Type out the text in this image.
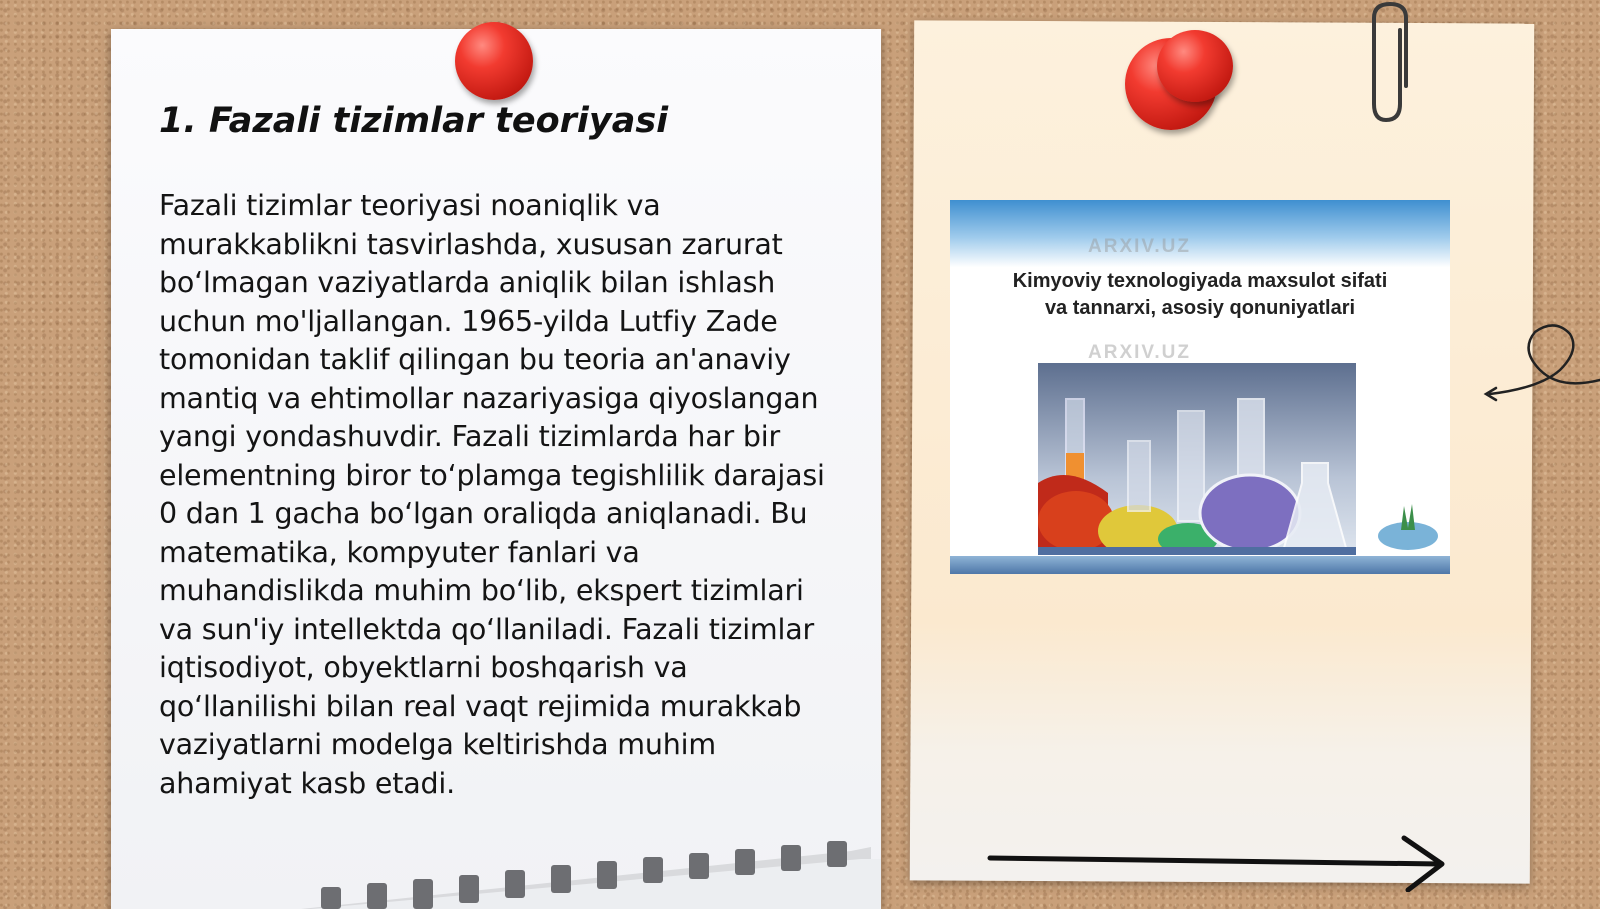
1. Fazali tizimlar teoriyasi

Fazali tizimlar teoriyasi noaniqlik va murakkablikni tasvirlashda, xususan zarurat bo‘lmagan vaziyatlarda aniqlik bilan ishlash uchun mo'ljallangan. 1965-yilda Lutfiy Zade tomonidan taklif qilingan bu teoria an'anaviy mantiq va ehtimollar nazariyasiga qiyoslangan yangi yondashuvdir. Fazali tizimlarda har bir elementning biror to‘plamga tegishlilik darajasi 0 dan 1 gacha bo‘lgan oraliqda aniqlanadi. Bu matematika, kompyuter fanlari va muhandislikda muhim bo‘lib, ekspert tizimlari va sun'iy intellektda qo‘llaniladi. Fazali tizimlar iqtisodiyot, obyektlarni boshqarish va qo‘llanilishi bilan real vaqt rejimida murakkab vaziyatlarni modelga keltirishda muhim ahamiyat kasb etadi.

ARXIV.UZ

Kimyoviy texnologiyada maxsulot sifati
va tannarxi, asosiy qonuniyatlari

ARXIV.UZ
